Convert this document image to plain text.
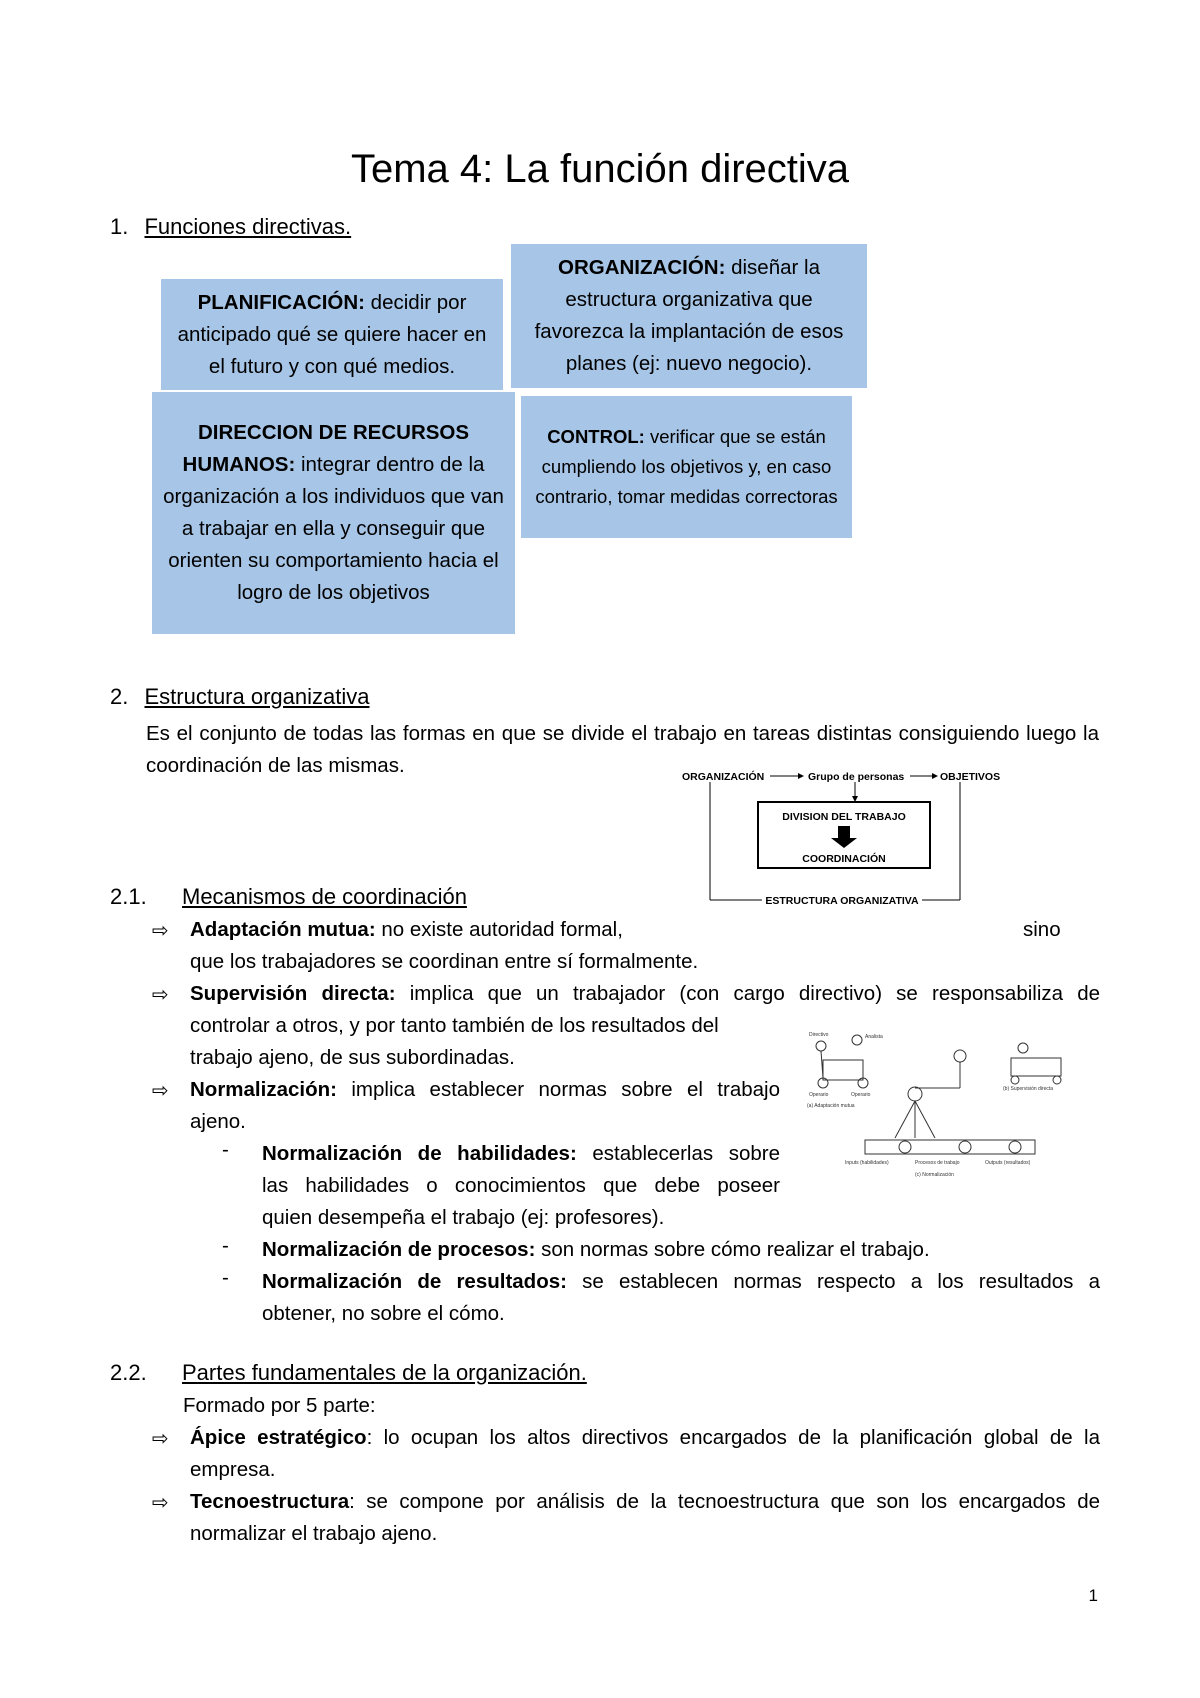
Tema 4: La función directiva
1. Funciones directivas.
PLANIFICACIÓN: decidir por anticipado qué se quiere hacer en el futuro y con qué medios.
ORGANIZACIÓN: diseñar la estructura organizativa que favorezca la implantación de esos planes (ej: nuevo negocio).
DIRECCION DE RECURSOS HUMANOS: integrar dentro de la organización a los individuos que van a trabajar en ella y conseguir que orienten su comportamiento hacia el logro de los objetivos
CONTROL: verificar que se están cumpliendo los objetivos y, en caso contrario, tomar medidas correctoras
2. Estructura organizativa
Es el conjunto de todas las formas en que se divide el trabajo en tareas distintas consiguiendo luego la coordinación de las mismas.	ORGANIZACIÓN	Grupo de personas	OBJETIVOS
DIVISION DEL TRABAJO
COORDINACIÓN
ESTRUCTURA ORGANIZATIVA
2.1. Mecanismos de coordinación
⇨ Adaptación mutua: no existe autoridad formal,	sino
que los trabajadores se coordinan entre sí formalmente.
⇨ Supervisión directa: implica que un trabajador (con cargo directivo) se responsabiliza de
controlar a otros, y por tanto también de los resultados del
trabajo ajeno, de sus subordinadas.
⇨ Normalización: implica establecer normas sobre el trabajo
ajeno.
- Normalización de habilidades: establecerlas sobre
las habilidades o conocimientos que debe poseer
quien desempeña el trabajo (ej: profesores).
- Normalización de procesos: son normas sobre cómo realizar el trabajo.
- Normalización de resultados: se establecen normas respecto a los resultados a
obtener, no sobre el cómo.
Directivo	Analista
Operario	Operario
(a) Adaptación mutua
(b) Supervisión directa
Inputs (habilidades)	Procesos de trabajo	Outputs (resultados)
(c) Normalización
2.2. Partes fundamentales de la organización.
Formado por 5 parte:
⇨ Ápice estratégico: lo ocupan los altos directivos encargados de la planificación global de la
empresa.
⇨ Tecnoestructura: se compone por análisis de la tecnoestructura que son los encargados de
normalizar el trabajo ajeno.
1
